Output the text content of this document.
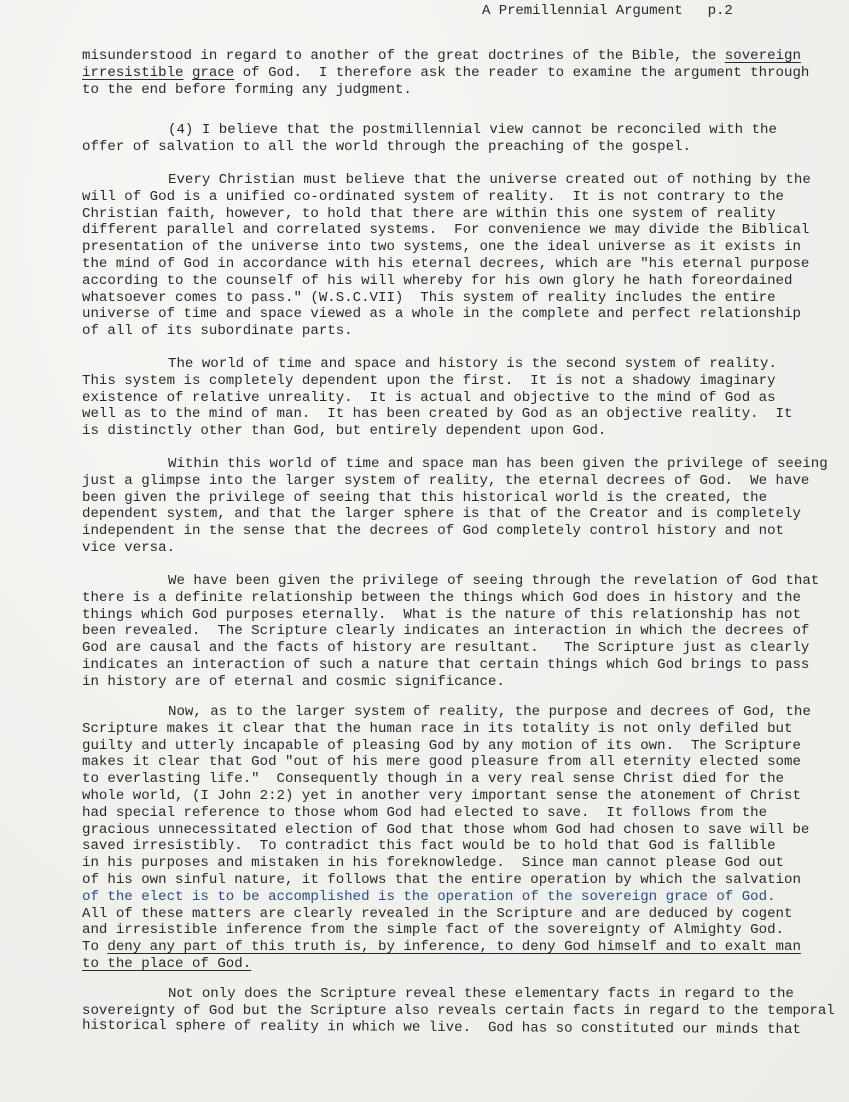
A Premillennial Argument p.2
misunderstood in regard to another of the great doctrines of the Bible, the sovereign
irresistible grace of God.  I therefore ask the reader to examine the argument through
to the end before forming any judgment.
(4) I believe that the postmillennial view cannot be reconciled with the
offer of salvation to all the world through the preaching of the gospel.
Every Christian must believe that the universe created out of nothing by the
will of God is a unified co-ordinated system of reality.  It is not contrary to the
Christian faith, however, to hold that there are within this one system of reality
different parallel and correlated systems.  For convenience we may divide the Biblical
presentation of the universe into two systems, one the ideal universe as it exists in
the mind of God in accordance with his eternal decrees, which are "his eternal purpose
according to the counself of his will whereby for his own glory he hath foreordained
whatsoever comes to pass." (W.S.C.VII)  This system of reality includes the entire
universe of time and space viewed as a whole in the complete and perfect relationship
of all of its subordinate parts.
The world of time and space and history is the second system of reality.
This system is completely dependent upon the first.  It is not a shadowy imaginary
existence of relative unreality.  It is actual and objective to the mind of God as
well as to the mind of man.  It has been created by God as an objective reality.  It
is distinctly other than God, but entirely dependent upon God.
Within this world of time and space man has been given the privilege of seeing
just a glimpse into the larger system of reality, the eternal decrees of God.  We have
been given the privilege of seeing that this historical world is the created, the
dependent system, and that the larger sphere is that of the Creator and is completely
independent in the sense that the decrees of God completely control history and not
vice versa.
We have been given the privilege of seeing through the revelation of God that
there is a definite relationship between the things which God does in history and the
things which God purposes eternally.  What is the nature of this relationship has not
been revealed.  The Scripture clearly indicates an interaction in which the decrees of
God are causal and the facts of history are resultant.   The Scripture just as clearly
indicates an interaction of such a nature that certain things which God brings to pass
in history are of eternal and cosmic significance.
Now, as to the larger system of reality, the purpose and decrees of God, the
Scripture makes it clear that the human race in its totality is not only defiled but
guilty and utterly incapable of pleasing God by any motion of its own.  The Scripture
makes it clear that God "out of his mere good pleasure from all eternity elected some
to everlasting life."  Consequently though in a very real sense Christ died for the
whole world, (I John 2:2) yet in another very important sense the atonement of Christ
had special reference to those whom God had elected to save.  It follows from the
gracious unnecessitated election of God that those whom God had chosen to save will be
saved irresistibly.  To contradict this fact would be to hold that God is fallible
in his purposes and mistaken in his foreknowledge.  Since man cannot please God out
of his own sinful nature, it follows that the entire operation by which the salvation
of the elect is to be accomplished is the operation of the sovereign grace of God.
All of these matters are clearly revealed in the Scripture and are deduced by cogent
and irresistible inference from the simple fact of the sovereignty of Almighty God.
To deny any part of this truth is, by inference, to deny God himself and to exalt man
to the place of God.
Not only does the Scripture reveal these elementary facts in regard to the
sovereignty of God but the Scripture also reveals certain facts in regard to the temporal
historical sphere of reality in which we live.  God has so constituted our minds that
